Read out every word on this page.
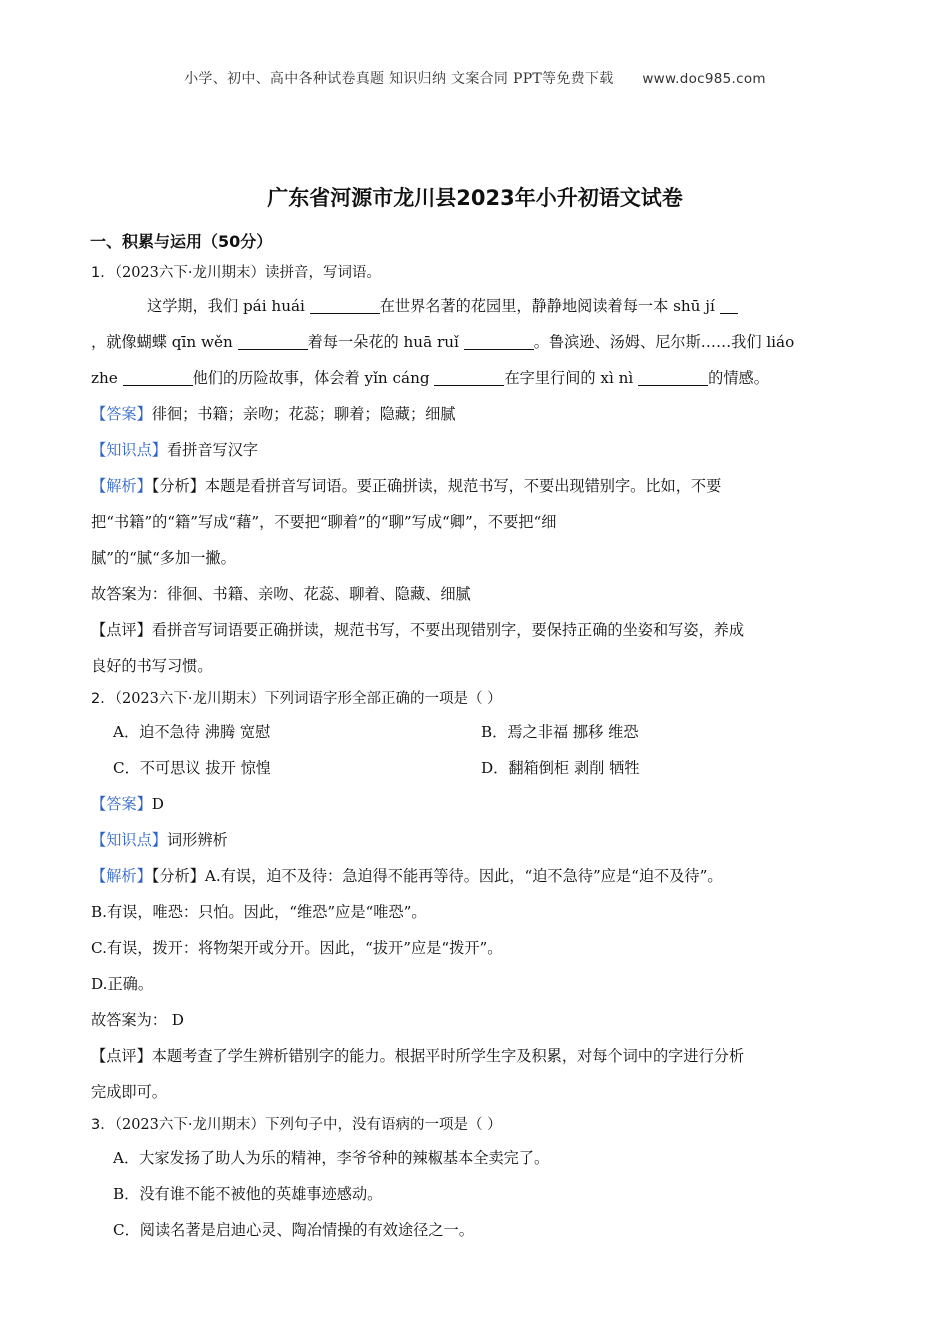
小学、初中、高中各种试卷真题 知识归纳 文案合同 PPT等免费下载 www.doc985.com
广东省河源市龙川县2023年小升初语文试卷
一、积累与运用（50分）
1．（2023六下·龙川期末）读拼音，写词语。
这学期，我们 pái huái	在世界名著的花园里，静静地阅读着每一本 shū jí
，就像蝴蝶 qīn wěn	着每一朵花的 huā ruǐ	。鲁滨逊、汤姆、尼尔斯……我们 liáo
zhe	他们的历险故事，体会着 yǐn cáng	在字里行间的 xì nì	的情感。
【答案】徘徊；书籍；亲吻；花蕊；聊着；隐藏；细腻
【知识点】看拼音写汉字
【解析】【分析】本题是看拼音写词语。要正确拼读，规范书写，不要出现错别字。比如，不要
把“书籍”的“籍”写成“藉”，不要把“聊着”的“聊”写成“卿”，不要把“细
腻”的“腻“多加一撇。
故答案为：徘徊、书籍、亲吻、花蕊、聊着、隐藏、细腻
【点评】看拼音写词语要正确拼读，规范书写，不要出现错别字，要保持正确的坐姿和写姿，养成
良好的书写习惯。
2．（2023六下·龙川期末）下列词语字形全部正确的一项是（ ）
A．迫不急待 沸腾 宽慰	B．焉之非福 挪移 维恐
C．不可思议 拔开 惊惶	D．翻箱倒柜 剥削 牺牲
【答案】D
【知识点】词形辨析
【解析】【分析】A.有误，迫不及待：急迫得不能再等待。因此，“迫不急待”应是“迫不及待”。
B.有误，唯恐：只怕。因此，“维恐”应是“唯恐”。
C.有误，拨开：将物架开或分开。因此，“拔开”应是“拨开”。
D.正确。
故答案为： D
【点评】本题考查了学生辨析错别字的能力。根据平时所学生字及积累，对每个词中的字进行分析
完成即可。
3．（2023六下·龙川期末）下列句子中，没有语病的一项是（ ）
A．大家发扬了助人为乐的精神，李爷爷种的辣椒基本全卖完了。
B．没有谁不能不被他的英雄事迹感动。
C．阅读名著是启迪心灵、陶冶情操的有效途径之一。
